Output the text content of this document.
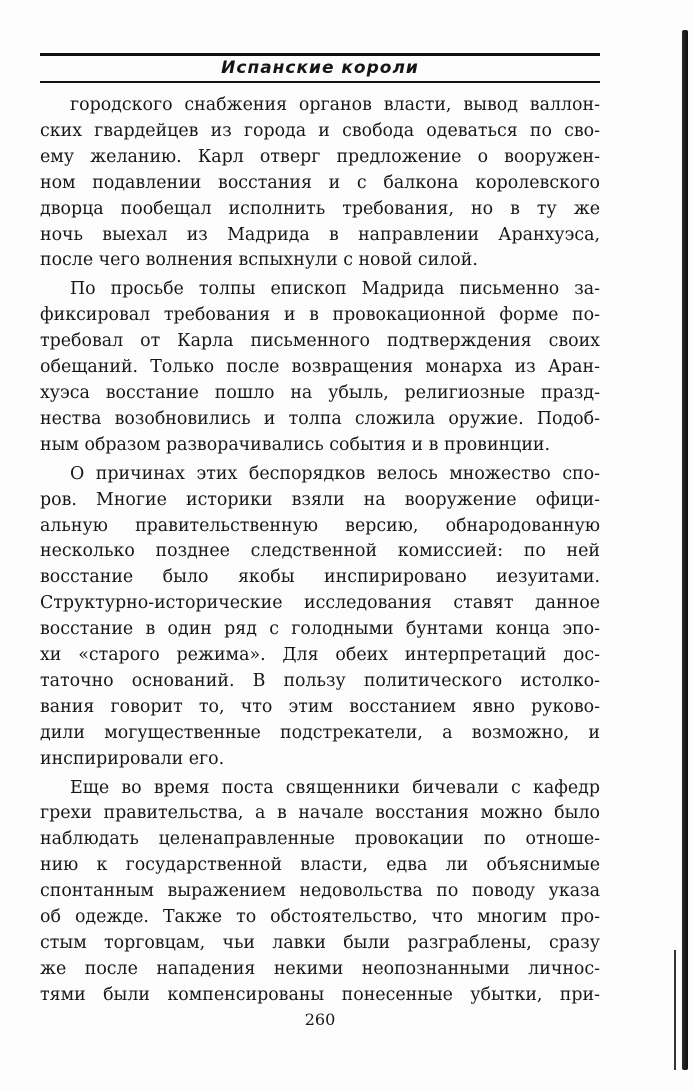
Испанские короли
городского снабжения органов власти, вывод валлон-
ских гвардейцев из города и свобода одеваться по сво-
ему желанию. Карл отверг предложение о вооружен-
ном подавлении восстания и с балкона королевского
дворца пообещал исполнить требования, но в ту же
ночь выехал из Мадрида в направлении Аранхуэса,
после чего волнения вспыхнули с новой силой.
По просьбе толпы епископ Мадрида письменно за-
фиксировал требования и в провокационной форме по-
требовал от Карла письменного подтверждения своих
обещаний. Только после возвращения монарха из Аран-
хуэса восстание пошло на убыль, религиозные празд-
нества возобновились и толпа сложила оружие. Подоб-
ным образом разворачивались события и в провинции.
О причинах этих беспорядков велось множество спо-
ров. Многие историки взяли на вооружение офици-
альную правительственную версию, обнародованную
несколько позднее следственной комиссией: по ней
восстание было якобы инспирировано иезуитами.
Структурно-исторические исследования ставят данное
восстание в один ряд с голодными бунтами конца эпо-
хи «старого режима». Для обеих интерпретаций дос-
таточно оснований. В пользу политического истолко-
вания говорит то, что этим восстанием явно руково-
дили могущественные подстрекатели, а возможно, и
инспирировали его.
Еще во время поста священники бичевали с кафедр
грехи правительства, а в начале восстания можно было
наблюдать целенаправленные провокации по отноше-
нию к государственной власти, едва ли объяснимые
спонтанным выражением недовольства по поводу указа
об одежде. Также то обстоятельство, что многим про-
стым торговцам, чьи лавки были разграблены, сразу
же после нападения некими неопознанными личнос-
тями были компенсированы понесенные убытки, при-
260
